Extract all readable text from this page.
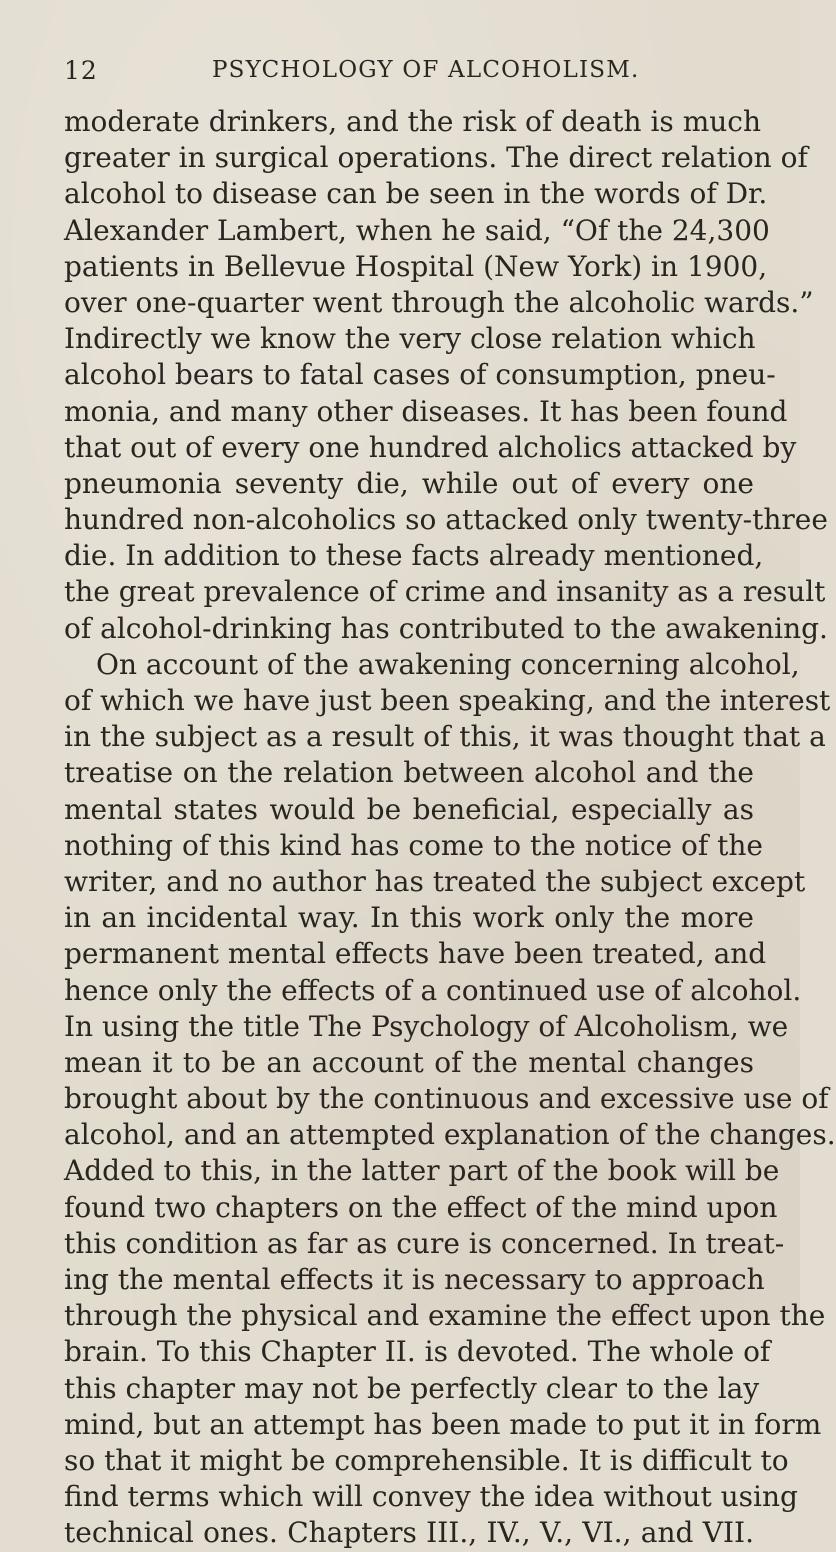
12	PSYCHOLOGY OF ALCOHOLISM.
moderate drinkers, and the risk of death is much
greater in surgical operations. The direct relation of
alcohol to disease can be seen in the words of Dr.
Alexander Lambert, when he said, “Of the 24,300
patients in Bellevue Hospital (New York) in 1900,
over one-quarter went through the alcoholic wards.”
Indirectly we know the very close relation which
alcohol bears to fatal cases of consumption, pneu-
monia, and many other diseases. It has been found
that out of every one hundred alcholics attacked by
pneumonia seventy die, while out of every one
hundred non-alcoholics so attacked only twenty-three
die. In addition to these facts already mentioned,
the great prevalence of crime and insanity as a result
of alcohol-drinking has contributed to the awakening.
On account of the awakening concerning alcohol,
of which we have just been speaking, and the interest
in the subject as a result of this, it was thought that a
treatise on the relation between alcohol and the
mental states would be beneficial, especially as
nothing of this kind has come to the notice of the
writer, and no author has treated the subject except
in an incidental way. In this work only the more
permanent mental effects have been treated, and
hence only the effects of a continued use of alcohol.
In using the title The Psychology of Alcoholism, we
mean it to be an account of the mental changes
brought about by the continuous and excessive use of
alcohol, and an attempted explanation of the changes.
Added to this, in the latter part of the book will be
found two chapters on the effect of the mind upon
this condition as far as cure is concerned. In treat-
ing the mental effects it is necessary to approach
through the physical and examine the effect upon the
brain. To this Chapter II. is devoted. The whole of
this chapter may not be perfectly clear to the lay
mind, but an attempt has been made to put it in form
so that it might be comprehensible. It is difficult to
find terms which will convey the idea without using
technical ones. Chapters III., IV., V., VI., and VII.
